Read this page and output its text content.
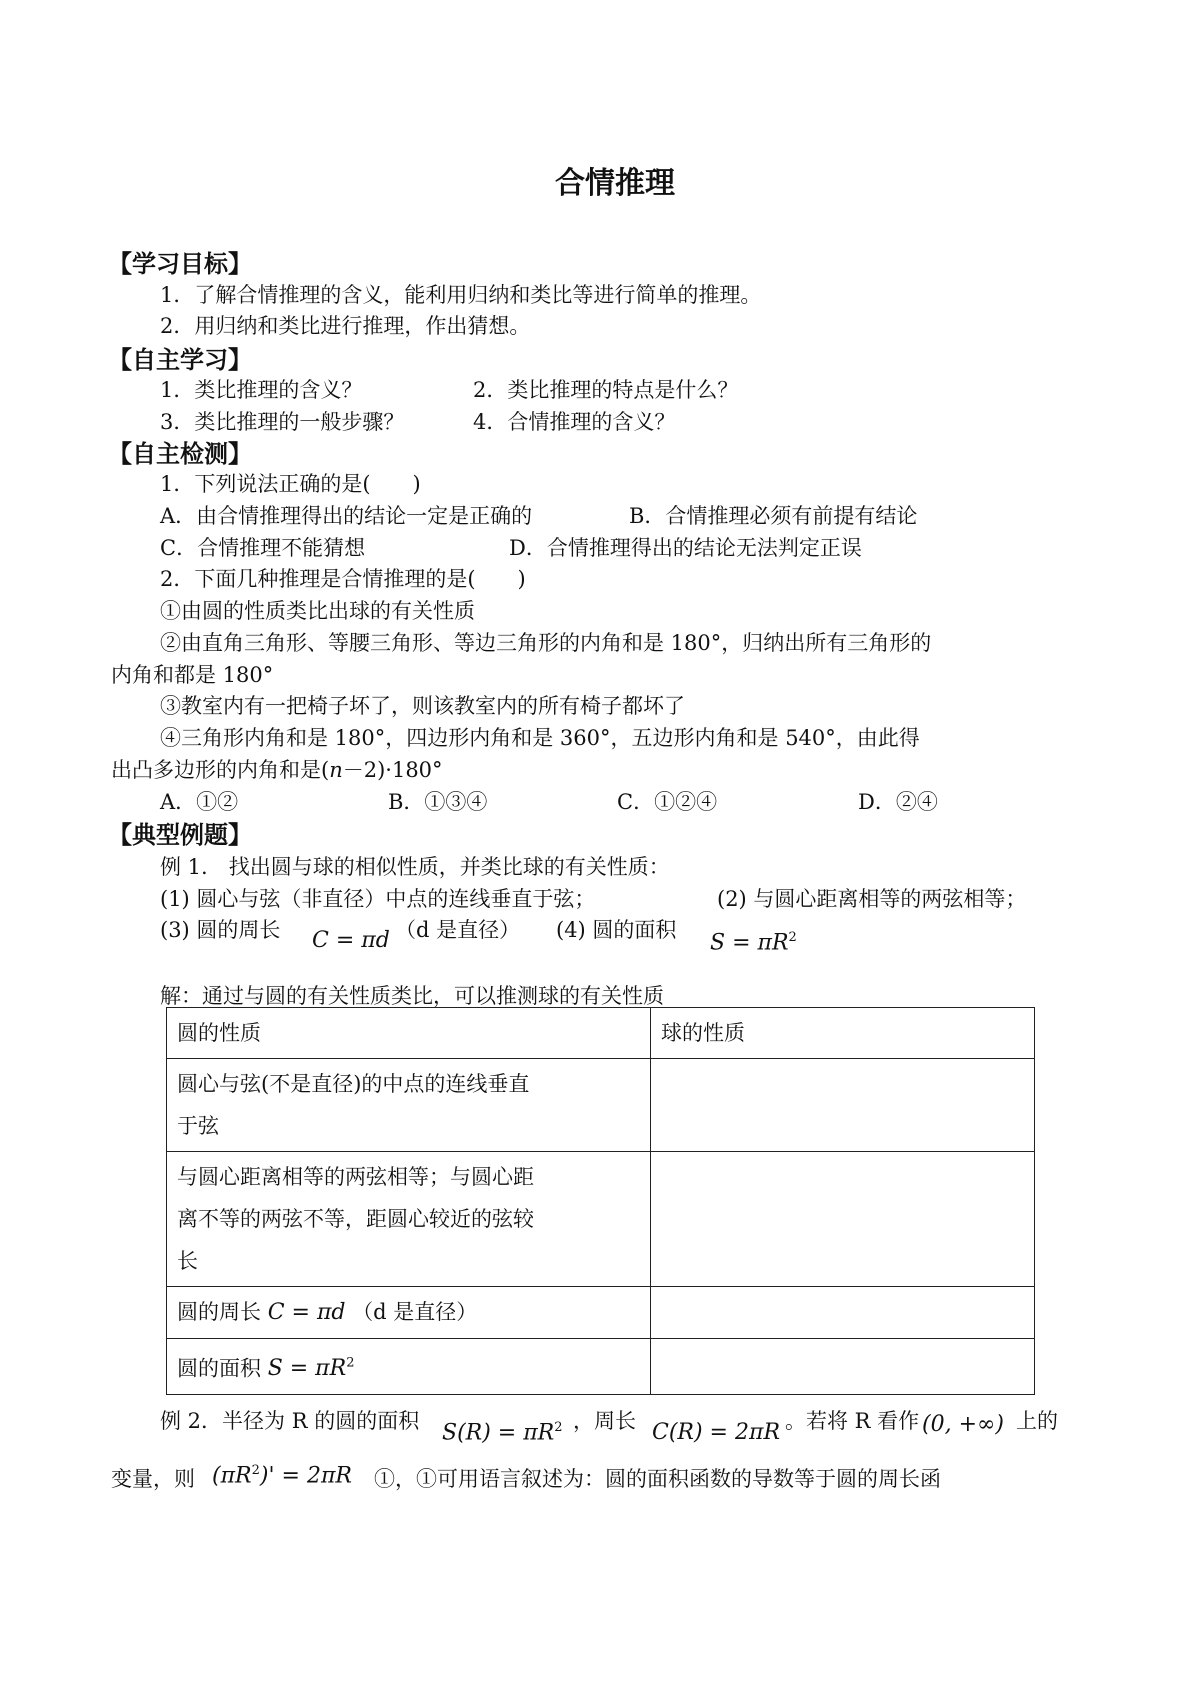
合情推理
【学习目标】
1．了解合情推理的含义，能利用归纳和类比等进行简单的推理。
2．用归纳和类比进行推理，作出猜想。
【自主学习】
1．类比推理的含义？	2．类比推理的特点是什么？
3．类比推理的一般步骤？	4．合情推理的含义？
【自主检测】
1．下列说法正确的是(　　)
A．由合情推理得出的结论一定是正确的	B．合情推理必须有前提有结论
C．合情推理不能猜想	D．合情推理得出的结论无法判定正误
2．下面几种推理是合情推理的是(　　)
①由圆的性质类比出球的有关性质
②由直角三角形、等腰三角形、等边三角形的内角和是 180°，归纳出所有三角形的
内角和都是 180°
③教室内有一把椅子坏了，则该教室内的所有椅子都坏了
④三角形内角和是 180°，四边形内角和是 360°，五边形内角和是 540°，由此得
出凸多边形的内角和是(n－2)·180°
A．①②	B．①③④	C．①②④	D．②④
【典型例题】
例 1.　找出圆与球的相似性质，并类比球的有关性质：
(1) 圆心与弦（非直径）中点的连线垂直于弦；	(2) 与圆心距离相等的两弦相等；
(3) 圆的周长 C = πd （d 是直径） (4) 圆的面积
$S = \pi R^2$
解：通过与圆的有关性质类比，可以推测球的有关性质
圆的性质	球的性质

圆心与弦(不是直径)的中点的连线垂直
于弦	

与圆心距离相等的两弦相等；与圆心距
离不等的两弦不等，距圆心较近的弦较
长	

圆的周长 C = πd （d 是直径）	
圆的面积 $S = \pi R^2$	
例 2．半径为 R 的圆的面积 $S(R) = \pi R^2$ ，周长 C(R) = 2πR 。若将 R 看作 (0, +∞) 上的
变量，则 $(\pi R^2)' = 2\pi R$ ①，①可用语言叙述为：圆的面积函数的导数等于圆的周长函
